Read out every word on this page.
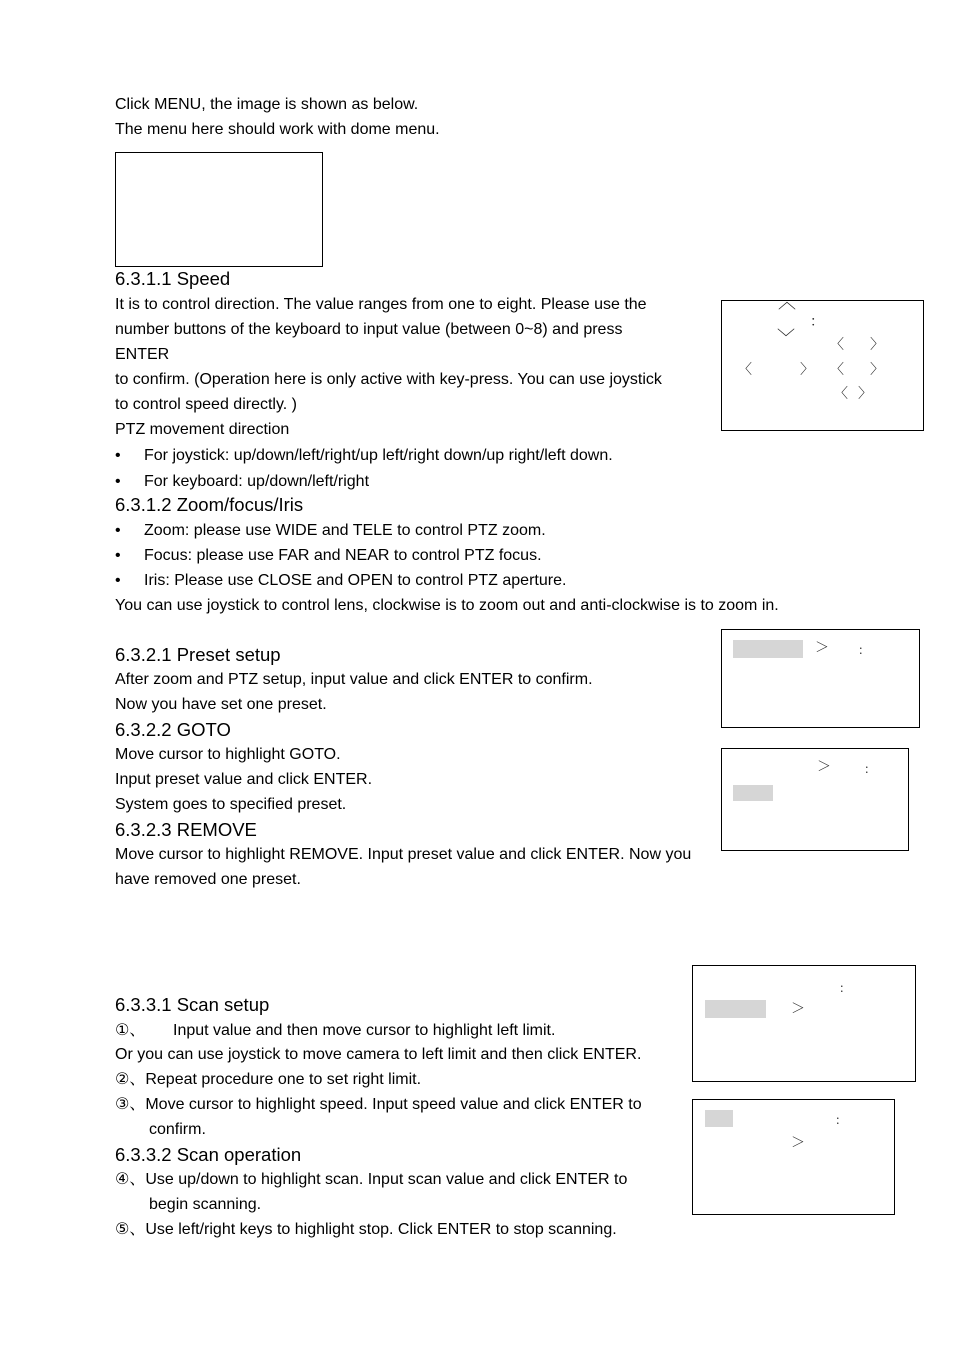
Click MENU, the image is shown as below.
The menu here should work with dome menu.
6.3.1.1 Speed
It is to control direction. The value ranges from one to eight. Please use the
number buttons of the keyboard to input value (between 0~8) and press
ENTER
to confirm. (Operation here is only active with key-press. You can use joystick
to control speed directly. )
PTZ movement direction
• For joystick: up/down/left/right/up left/right down/up right/left down.
• For keyboard: up/down/left/right
︿
：
﹀	〈 〉
〈	〉 〈 〉
〈 〉
6.3.1.2 Zoom/focus/Iris
• Zoom: please use WIDE and TELE to control PTZ zoom.
• Focus: please use FAR and NEAR to control PTZ focus.
• Iris: Please use CLOSE and OPEN to control PTZ aperture.
You can use joystick to control lens, clockwise is to zoom out and anti-clockwise is to zoom in.
＞ ：
6.3.2.1 Preset setup
After zoom and PTZ setup, input value and click ENTER to confirm.
Now you have set one preset.
＞	：
6.3.2.2 GOTO
Move cursor to highlight GOTO.
Input preset value and click ENTER.
System goes to specified preset.
6.3.2.3 REMOVE
Move cursor to highlight REMOVE. Input preset value and click ENTER. Now you
have removed one preset.
：
＞
6.3.3.1 Scan setup
①、 Input value and then move cursor to highlight left limit.
Or you can use joystick to move camera to left limit and then click ENTER.
②、Repeat procedure one to set right limit.
③、Move cursor to highlight speed. Input speed value and click ENTER to
confirm.
：
＞
6.3.3.2 Scan operation
④、Use up/down to highlight scan. Input scan value and click ENTER to
begin scanning.
⑤、Use left/right keys to highlight stop. Click ENTER to stop scanning.
